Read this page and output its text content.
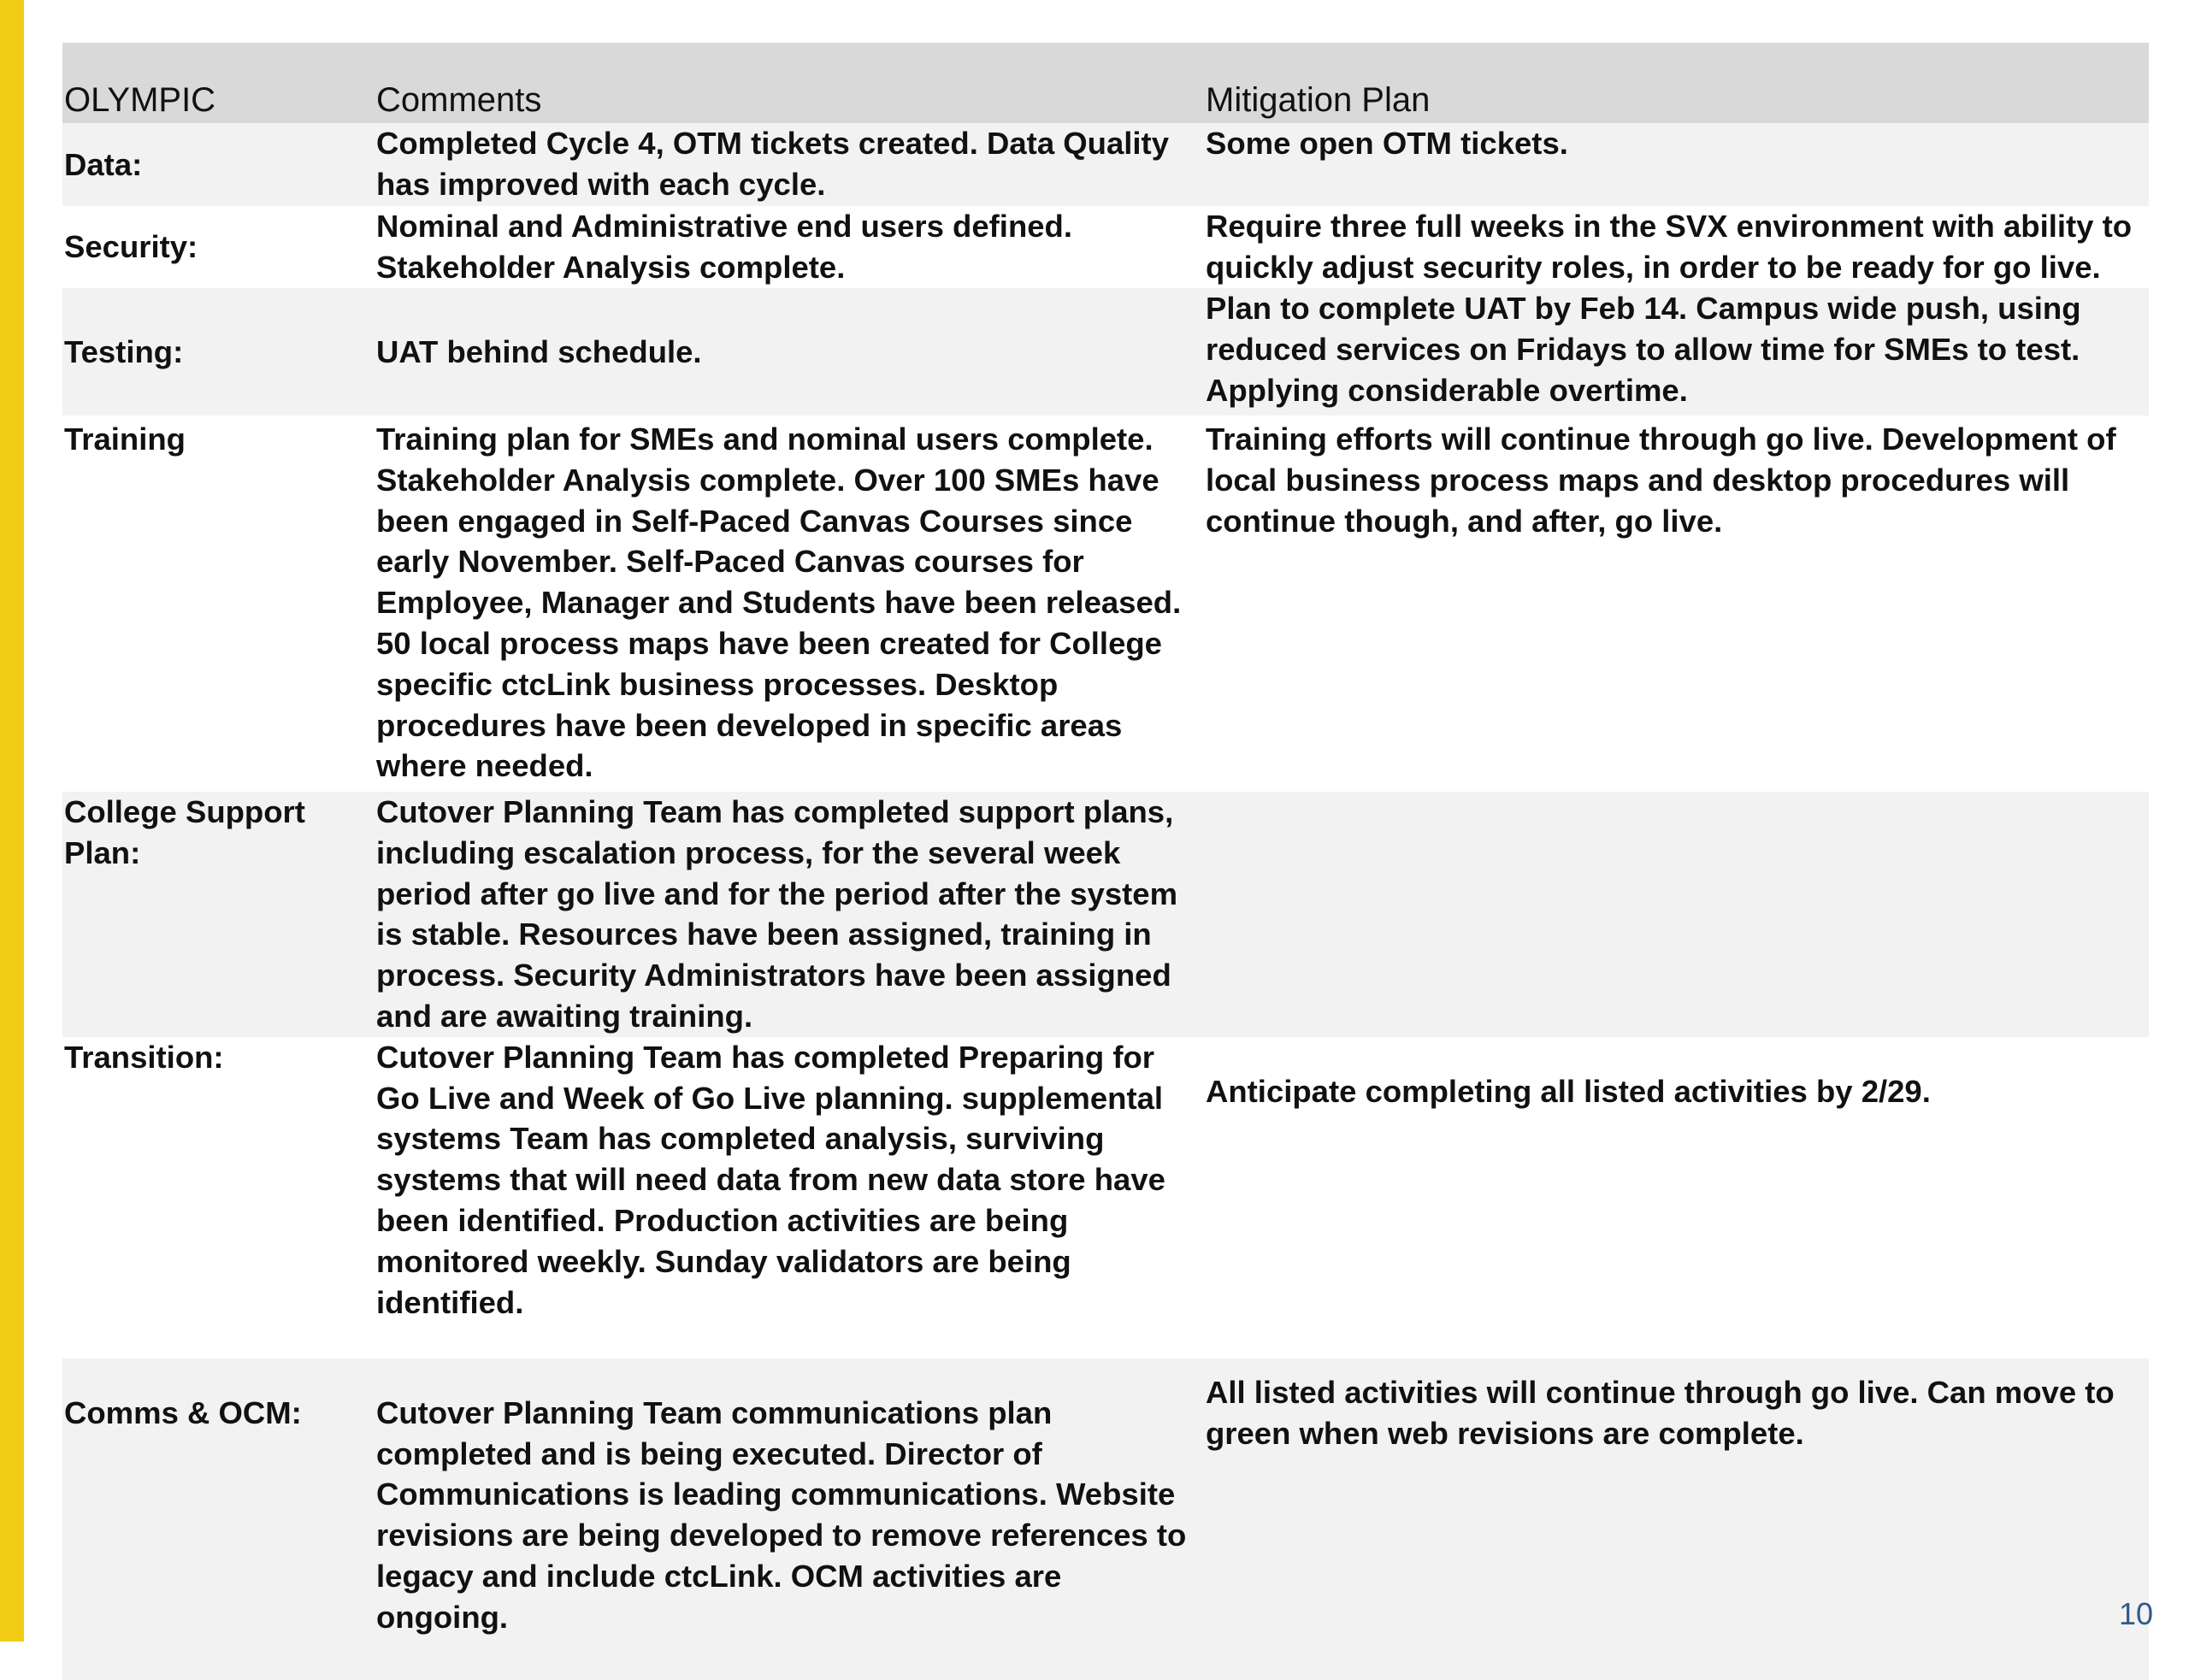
OLYMPIC	Comments	Mitigation Plan
Data:	Completed Cycle 4, OTM tickets created. Data Quality has improved with each cycle.	Some open OTM tickets.
Security:	Nominal and Administrative end users defined. Stakeholder Analysis complete.	Require three full weeks in the SVX environment with ability to quickly adjust security roles, in order to be ready for go live.
Testing:	UAT behind schedule.	Plan to complete UAT by Feb 14. Campus wide push, using reduced services on Fridays to allow time for SMEs to test. Applying considerable overtime.
Training	Training plan for SMEs and nominal users complete. Stakeholder Analysis complete. Over 100 SMEs have been engaged in Self-Paced Canvas Courses since early November. Self-Paced Canvas courses for Employee, Manager and Students have been released. 50 local process maps have been created for College specific ctcLink business processes. Desktop procedures have been developed in specific areas where needed.	Training efforts will continue through go live. Development of local business process maps and desktop procedures will continue though, and after, go live.
College Support Plan:	Cutover Planning Team has completed support plans, including escalation process, for the several week period after go live and for the period after the system is stable. Resources have been assigned, training in process. Security Administrators have been assigned and are awaiting training.	
Transition:	Cutover Planning Team has completed Preparing for Go Live and Week of Go Live planning. supplemental systems Team has completed analysis, surviving systems that will need data from new data store have been identified. Production activities are being monitored weekly. Sunday validators are being identified.	Anticipate completing all listed activities by 2/29.
Comms & OCM:	Cutover Planning Team communications plan completed and is being executed. Director of Communications is leading communications. Website revisions are being developed to remove references to legacy and include ctcLink. OCM activities are ongoing.	All listed activities will continue through go live. Can move to green when web revisions are complete.
10
